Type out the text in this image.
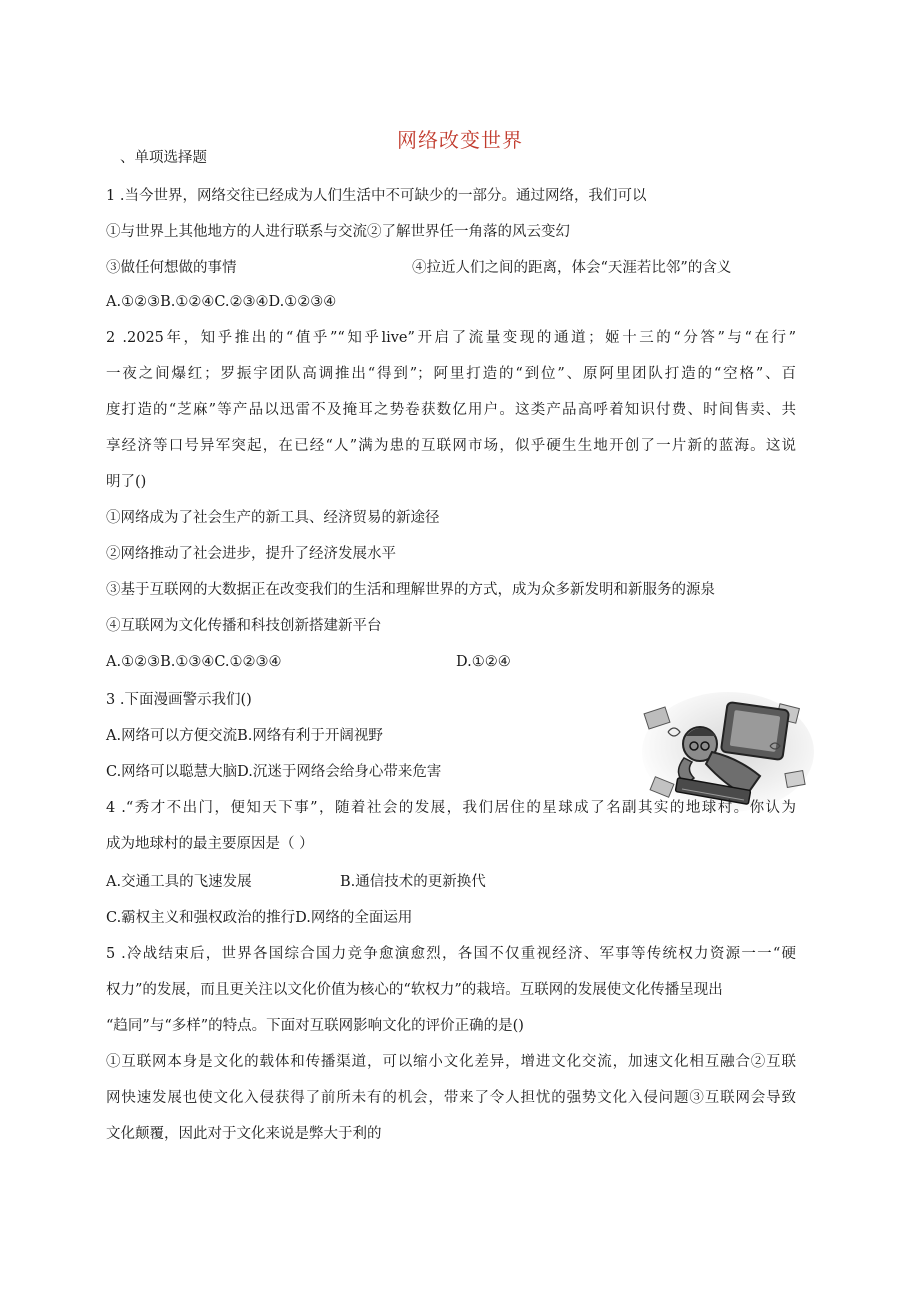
网络改变世界
、单项选择题
1 .当今世界，网络交往已经成为人们生活中不可缺少的一部分。通过网络，我们可以
①与世界上其他地方的人进行联系与交流②了解世界任一角落的风云变幻
③做任何想做的事情	④拉近人们之间的距离，体会“天涯若比邻”的含义
A.①②③B.①②④C.②③④D.①②③④
2 .2025年，知乎推出的“值乎”“知乎live”开启了流量变现的通道；姬十三的“分答”与“在行”
一夜之间爆红；罗振宇团队高调推出“得到”；阿里打造的“到位”、原阿里团队打造的“空格”、百
度打造的“芝麻”等产品以迅雷不及掩耳之势卷获数亿用户。这类产品高呼着知识付费、时间售卖、共
享经济等口号异军突起，在已经“人”满为患的互联网市场，似乎硬生生地开创了一片新的蓝海。这说
明了()
①网络成为了社会生产的新工具、经济贸易的新途径
②网络推动了社会进步，提升了经济发展水平
③基于互联网的大数据正在改变我们的生活和理解世界的方式，成为众多新发明和新服务的源泉
④互联网为文化传播和科技创新搭建新平台
A.①②③B.①③④C.①②③④	D.①②④
3 .下面漫画警示我们()
A.网络可以方便交流B.网络有利于开阔视野
C.网络可以聪慧大脑D.沉迷于网络会给身心带来危害
4 .“秀才不出门，便知天下事”，随着社会的发展，我们居住的星球成了名副其实的地球村。你认为
成为地球村的最主要原因是（ ）
A.交通工具的飞速发展	B.通信技术的更新换代
C.霸权主义和强权政治的推行D.网络的全面运用
5 .冷战结束后，世界各国综合国力竞争愈演愈烈，各国不仅重视经济、军事等传统权力资源一一“硬
权力”的发展，而且更关注以文化价值为核心的“软权力”的栽培。互联网的发展使文化传播呈现出
“趋同”与“多样”的特点。下面对互联网影响文化的评价正确的是()
①互联网本身是文化的载体和传播渠道，可以缩小文化差异，增进文化交流，加速文化相互融合②互联
网快速发展也使文化入侵获得了前所未有的机会，带来了令人担忧的强势文化入侵问题③互联网会导致
文化颠覆，因此对于文化来说是弊大于利的
